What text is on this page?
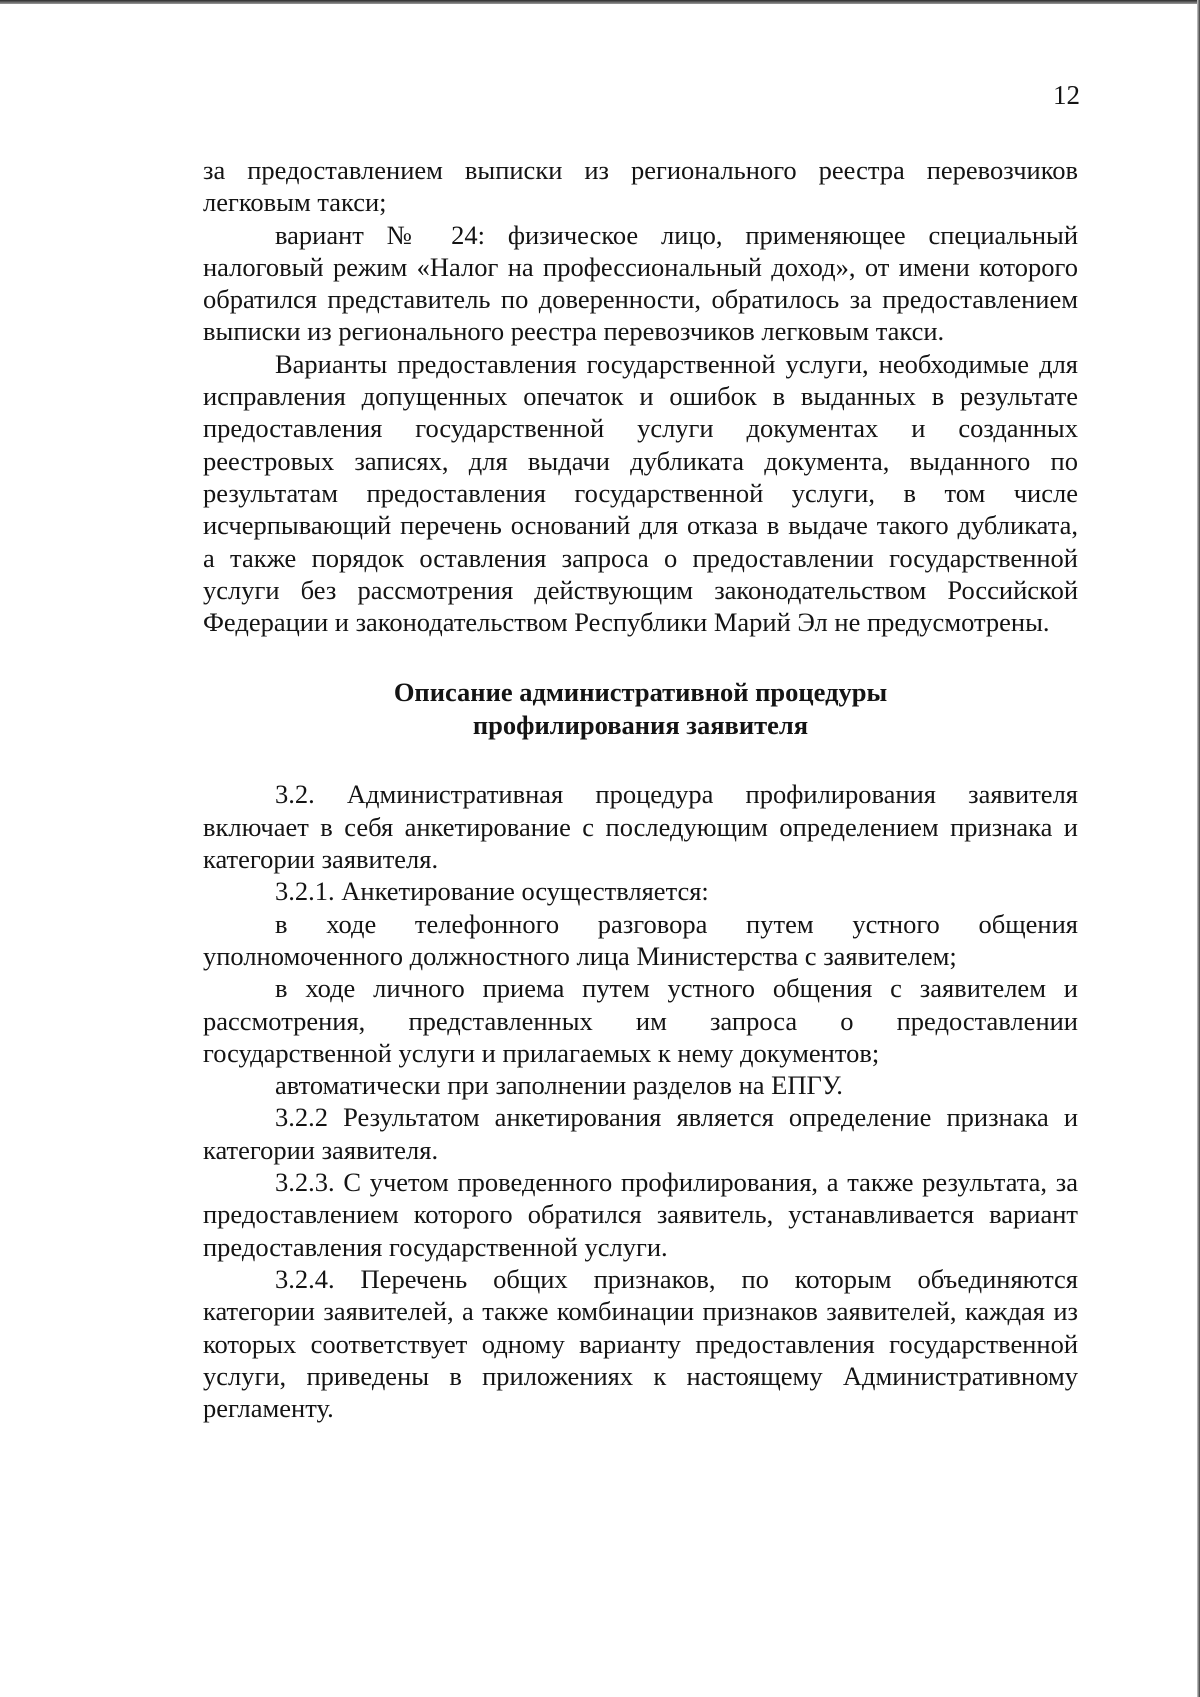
12

за предоставлением выписки из регионального реестра перевозчиков легковым такси;

вариант № 24: физическое лицо, применяющее специальный налоговый режим «Налог на профессиональный доход», от имени которого обратился представитель по доверенности, обратилось за предоставлением выписки из регионального реестра перевозчиков легковым такси.

Варианты предоставления государственной услуги, необходимые для исправления допущенных опечаток и ошибок в выданных в результате предоставления государственной услуги документах и созданных реестровых записях, для выдачи дубликата документа, выданного по результатам предоставления государственной услуги, в том числе исчерпывающий перечень оснований для отказа в выдаче такого дубликата, а также порядок оставления запроса о предоставлении государственной услуги без рассмотрения действующим законодательством Российской Федерации и законодательством Республики Марий Эл не предусмотрены.

Описание административной процедуры
профилирования заявителя

3.2. Административная процедура профилирования заявителя включает в себя анкетирование с последующим определением признака и категории заявителя.

3.2.1. Анкетирование осуществляется:

в ходе телефонного разговора путем устного общения уполномоченного должностного лица Министерства с заявителем;

в ходе личного приема путем устного общения с заявителем и рассмотрения, представленных им запроса о предоставлении государственной услуги и прилагаемых к нему документов;

автоматически при заполнении разделов на ЕПГУ.

3.2.2 Результатом анкетирования является определение признака и категории заявителя.

3.2.3. С учетом проведенного профилирования, а также результата, за предоставлением которого обратился заявитель, устанавливается вариант предоставления государственной услуги.

3.2.4. Перечень общих признаков, по которым объединяются категории заявителей, а также комбинации признаков заявителей, каждая из которых соответствует одному варианту предоставления государственной услуги, приведены в приложениях к настоящему Административному регламенту.
